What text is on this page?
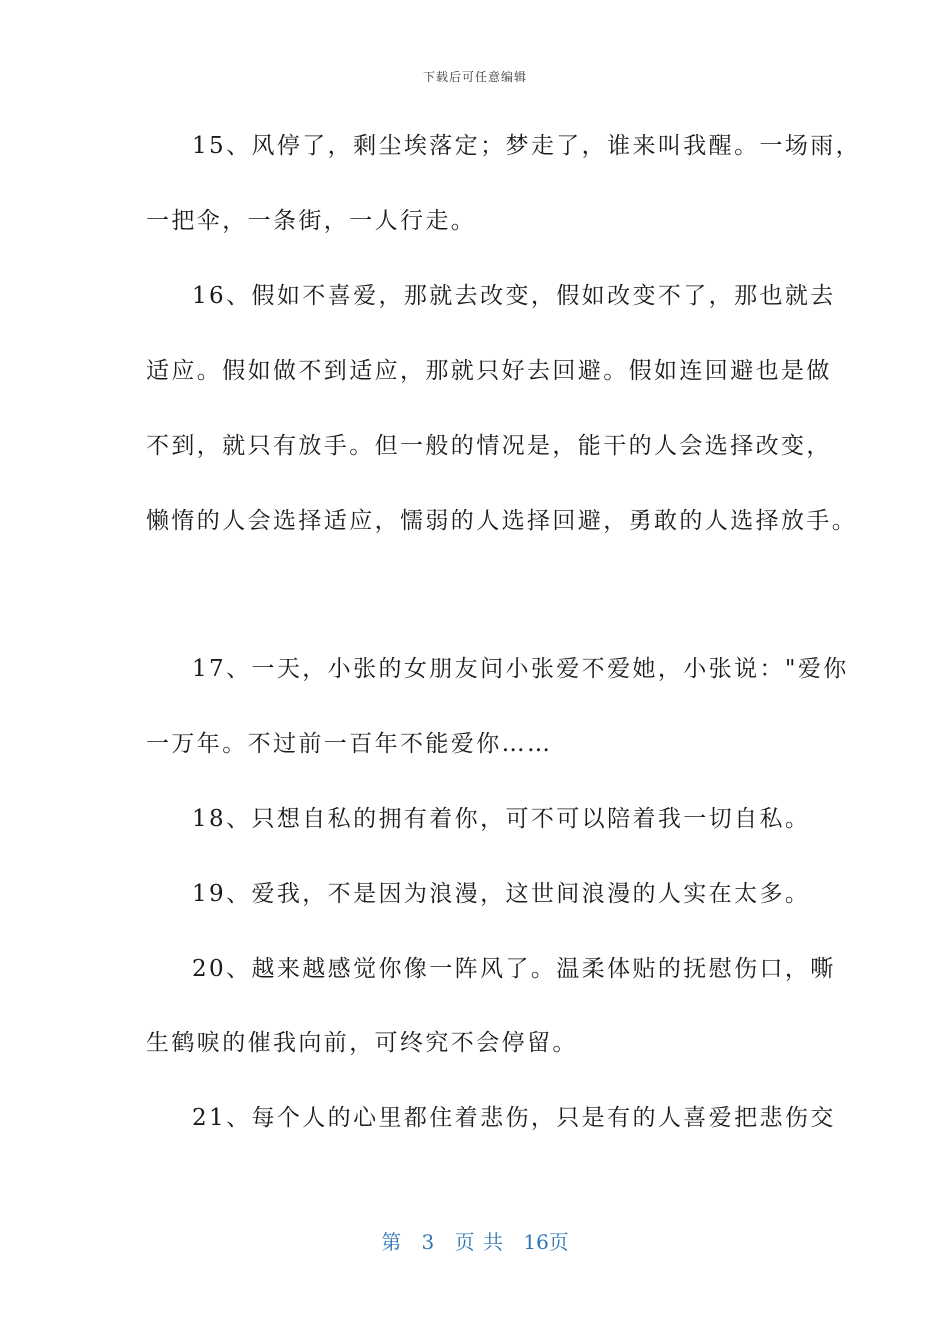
下载后可任意编辑
15、风停了，剩尘埃落定；梦走了，谁来叫我醒。一场雨，
一把伞，一条街，一人行走。
16、假如不喜爱，那就去改变，假如改变不了，那也就去
适应。假如做不到适应，那就只好去回避。假如连回避也是做
不到，就只有放手。但一般的情况是，能干的人会选择改变，
懒惰的人会选择适应，懦弱的人选择回避，勇敢的人选择放手。
17、一天，小张的女朋友问小张爱不爱她，小张说："爱你
一万年。不过前一百年不能爱你……
18、只想自私的拥有着你，可不可以陪着我一切自私。
19、爱我，不是因为浪漫，这世间浪漫的人实在太多。
20、越来越感觉你像一阵风了。温柔体贴的抚慰伤口，嘶
生鹤唳的催我向前，可终究不会停留。
21、每个人的心里都住着悲伤，只是有的人喜爱把悲伤交
第 3 页 共 16页
